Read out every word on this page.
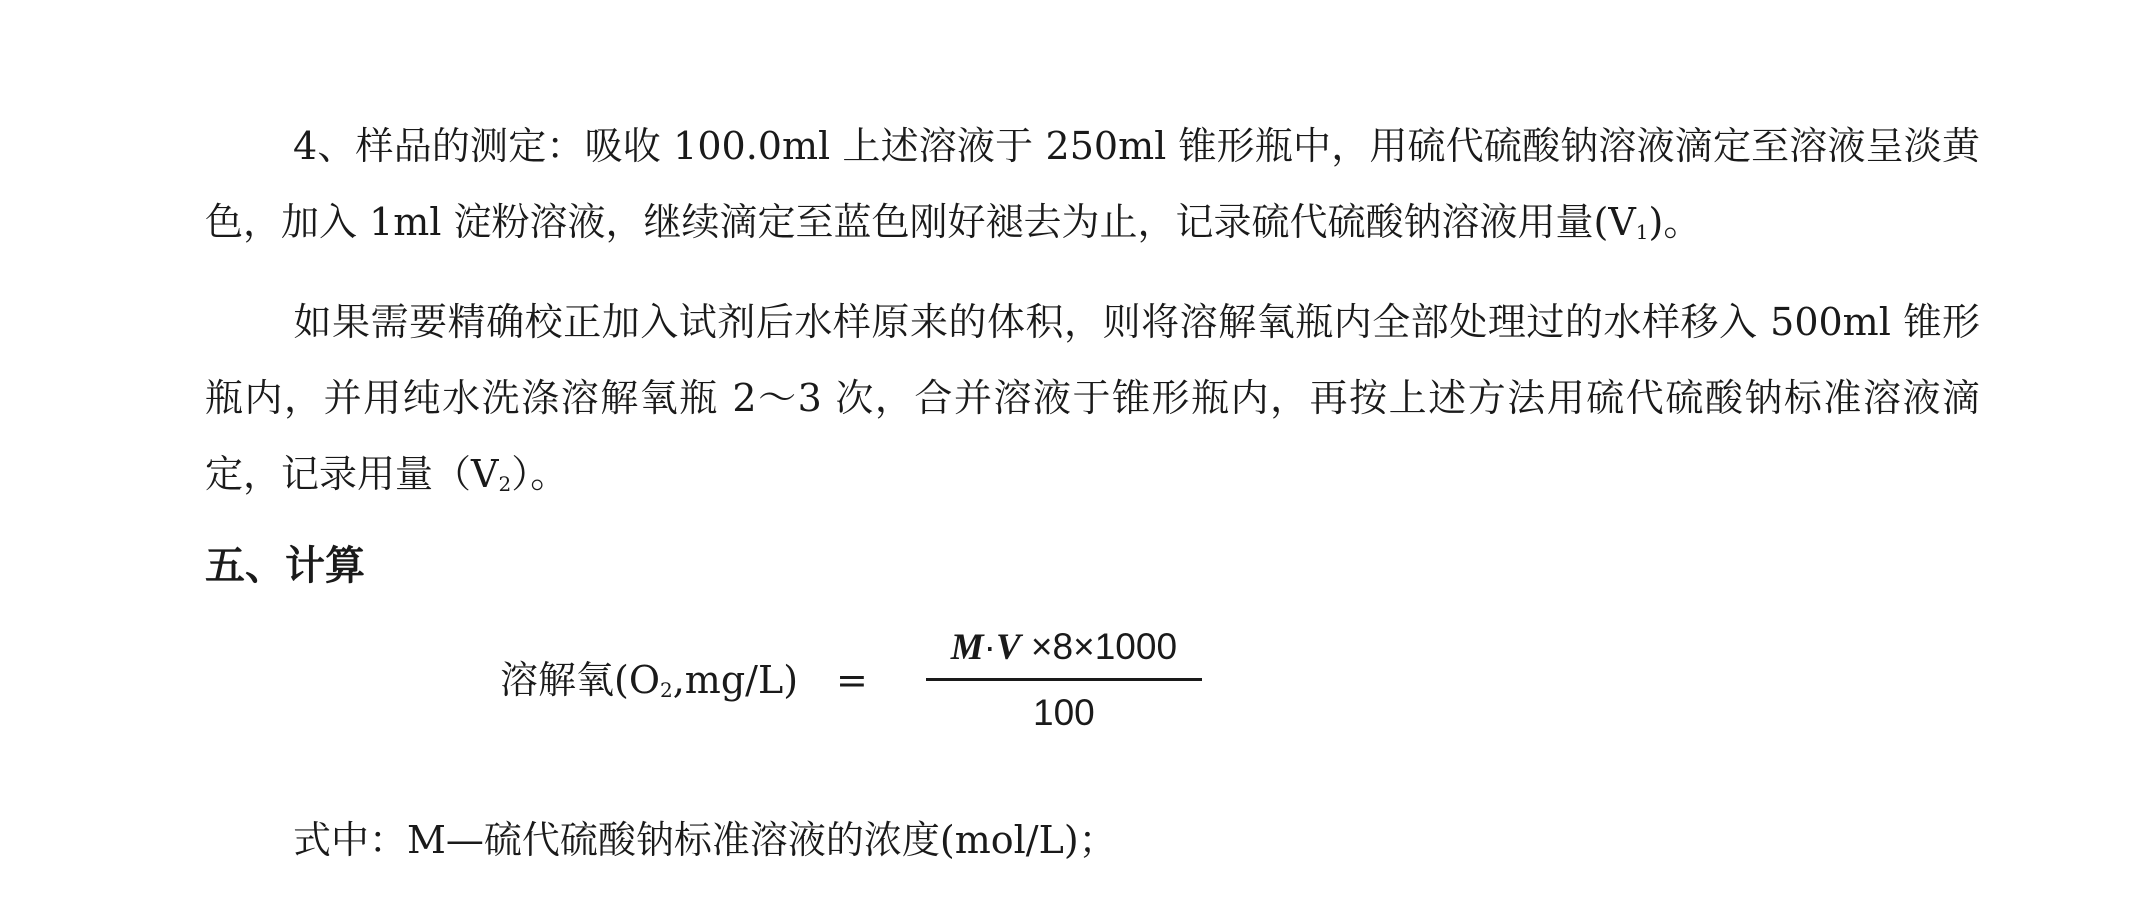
4、样品的测定：吸收 100.0ml 上述溶液于 250ml 锥形瓶中，用硫代硫酸钠溶液滴定至溶液呈淡黄色，加入 1ml 淀粉溶液，继续滴定至蓝色刚好褪去为止，记录硫代硫酸钠溶液用量$(V_1)$。

如果需要精确校正加入试剂后水样原来的体积，则将溶解氧瓶内全部处理过的水样移入 500ml 锥形瓶内，并用纯水洗涤溶解氧瓶 2～3 次，合并溶液于锥形瓶内，再按上述方法用硫代硫酸钠标准溶液滴定，记录用量$(V_2)$。

五、计算
溶解氧$(O_2,mg/L) = \frac{M\cdot V \times 8\times 1000}{100}$

式中：M—硫代硫酸钠标准溶液的浓度(mol/L)；
